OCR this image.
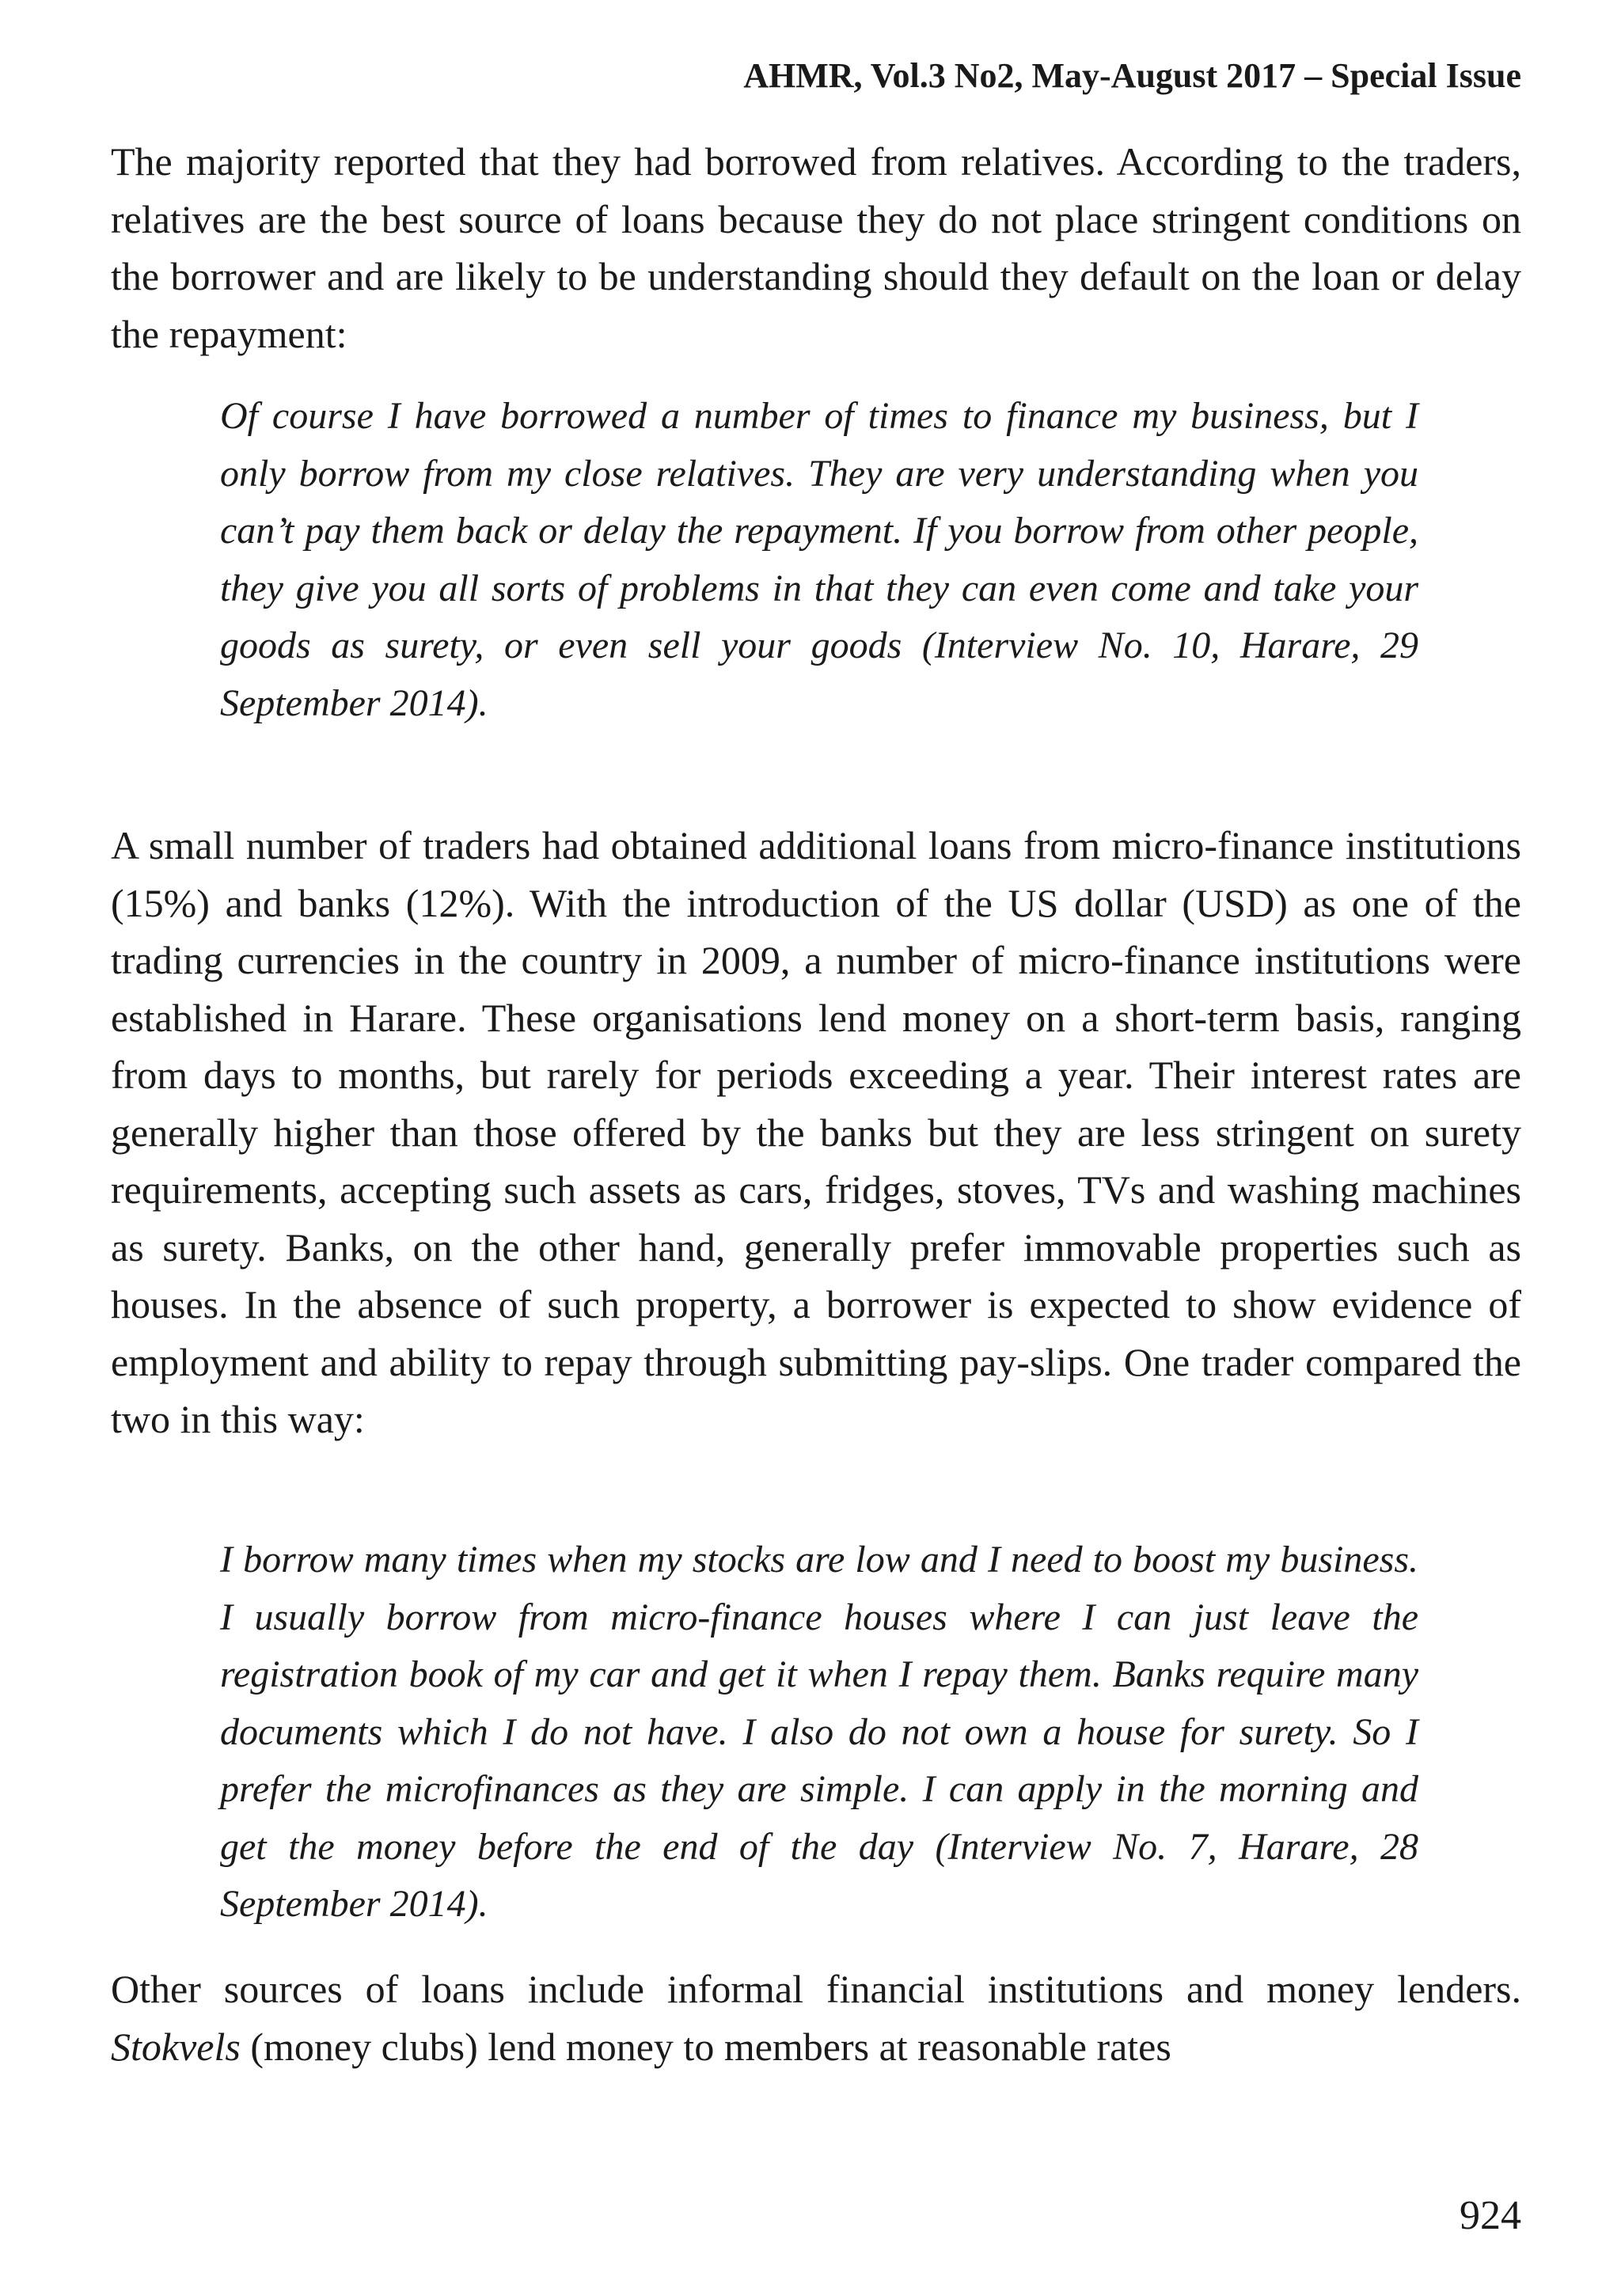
AHMR, Vol.3 No2, May-August 2017 – Special Issue

The majority reported that they had borrowed from relatives. According to the traders, relatives are the best source of loans because they do not place stringent conditions on the borrower and are likely to be understanding should they default on the loan or delay the repayment:

Of course I have borrowed a number of times to finance my business, but I only borrow from my close relatives. They are very understanding when you can’t pay them back or delay the repayment. If you borrow from other people, they give you all sorts of problems in that they can even come and take your goods as surety, or even sell your goods (Interview No. 10, Harare, 29 September 2014).

A small number of traders had obtained additional loans from micro-finance institutions (15%) and banks (12%). With the introduction of the US dollar (USD) as one of the trading currencies in the country in 2009, a number of micro-finance institutions were established in Harare. These organisations lend money on a short-term basis, ranging from days to months, but rarely for periods exceeding a year. Their interest rates are generally higher than those offered by the banks but they are less stringent on surety requirements, accepting such assets as cars, fridges, stoves, TVs and washing machines as surety. Banks, on the other hand, generally prefer immovable properties such as houses. In the absence of such property, a borrower is expected to show evidence of employment and ability to repay through submitting pay-slips. One trader compared the two in this way:

I borrow many times when my stocks are low and I need to boost my business. I usually borrow from micro-finance houses where I can just leave the registration book of my car and get it when I repay them. Banks require many documents which I do not have. I also do not own a house for surety. So I prefer the microfinances as they are simple. I can apply in the morning and get the money before the end of the day (Interview No. 7, Harare, 28 September 2014).

Other sources of loans include informal financial institutions and money lenders. Stokvels (money clubs) lend money to members at reasonable rates

924
